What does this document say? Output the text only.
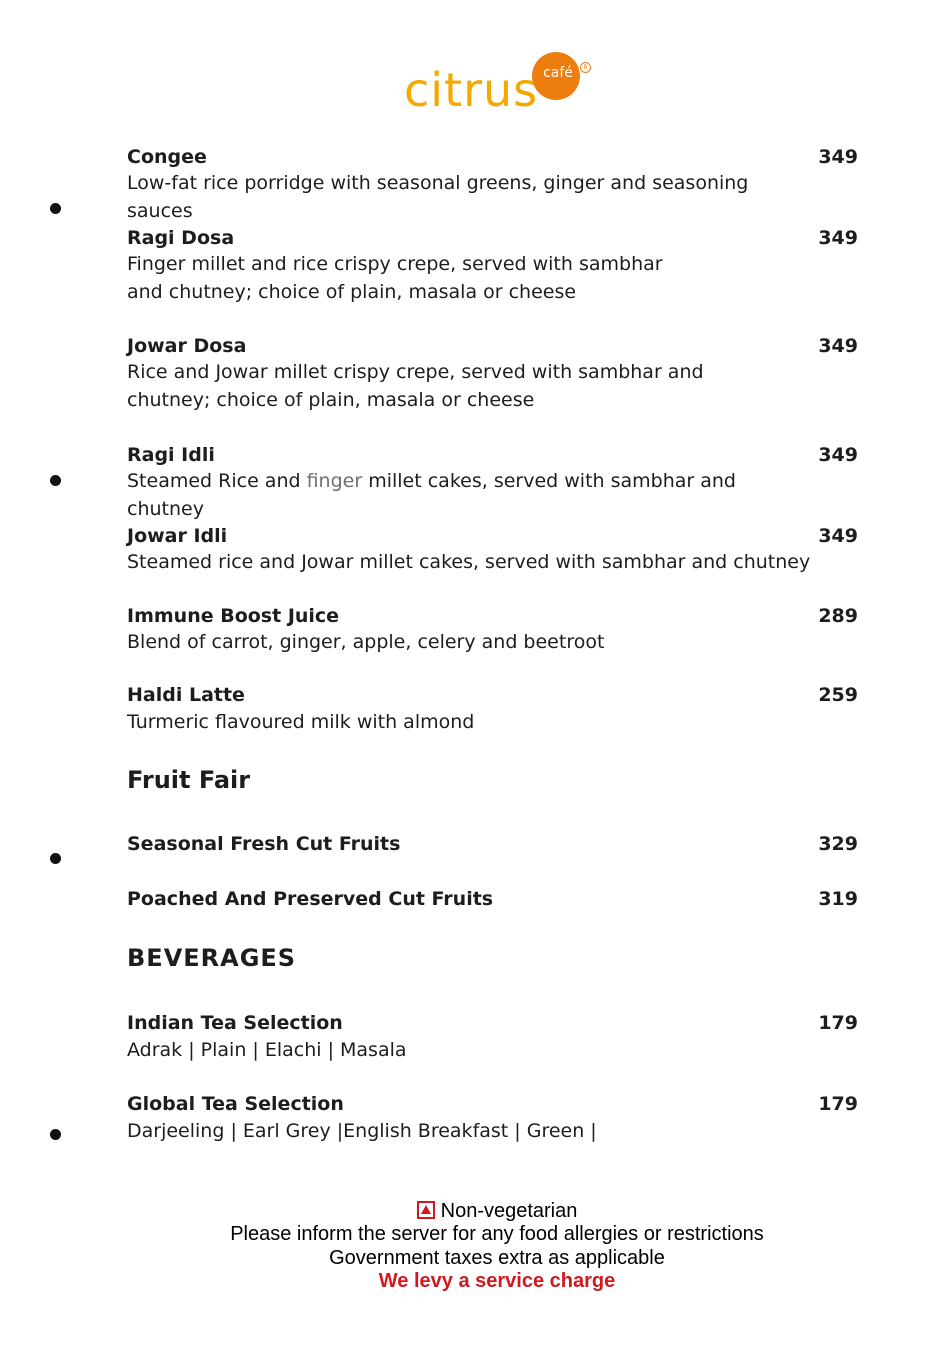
citrus café	R
Congee	349
Low-fat rice porridge with seasonal greens, ginger and seasoning sauces
Ragi Dosa	349
Finger millet and rice crispy crepe, served with sambhar
and chutney; choice of plain, masala or cheese
Jowar Dosa	349
Rice and Jowar millet crispy crepe, served with sambhar and
chutney; choice of plain, masala or cheese
Ragi Idli	349
Steamed Rice and finger millet cakes, served with sambhar and chutney
Jowar Idli	349
Steamed rice and Jowar millet cakes, served with sambhar and chutney
Immune Boost Juice	289
Blend of carrot, ginger, apple, celery and beetroot
Haldi Latte	259
Turmeric flavoured milk with almond
Fruit Fair
Seasonal Fresh Cut Fruits	329
Poached And Preserved Cut Fruits	319
BEVERAGES
Indian Tea Selection	179
Adrak | Plain | Elachi | Masala
Global Tea Selection	179
Darjeeling | Earl Grey |English Breakfast | Green |
Non-vegetarian
Please inform the server for any food allergies or restrictions
Government taxes extra as applicable
We levy a service charge
